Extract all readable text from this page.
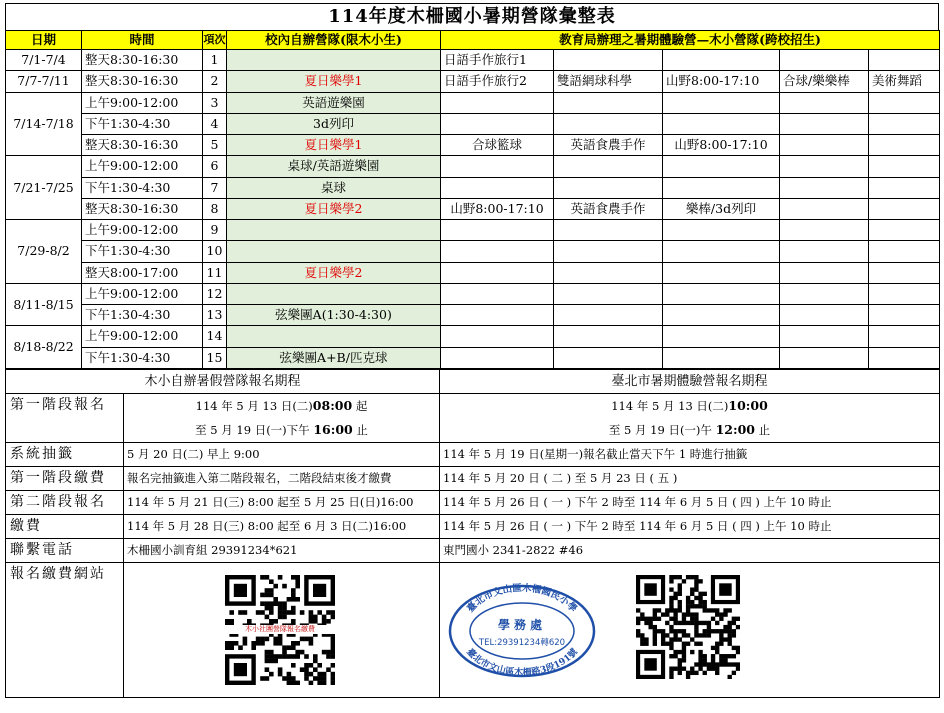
114年度木柵國小暑期營隊彙整表
日期	時間	項次	校內自辦營隊(限木小生)	教育局辦理之暑期體驗營—木小營隊(跨校招生)				
7/1-7/4	整天8:30-16:30	1		日語手作旅行1				
7/7-7/11	整天8:30-16:30	2	夏日樂學1	日語手作旅行2	雙語網球科學	山野8:00-17:10	合球/樂樂棒	美術舞蹈
7/14-7/18	上午9:00-12:00	3	英語遊樂園					
	下午1:30-4:30	4	3d列印					
	整天8:30-16:30	5	夏日樂學1	合球籃球	英語食農手作	山野8:00-17:10		
7/21-7/25	上午9:00-12:00	6	桌球/英語遊樂園					
	下午1:30-4:30	7	桌球					
	整天8:30-16:30	8	夏日樂學2	山野8:00-17:10	英語食農手作	樂棒/3d列印		
7/29-8/2	上午9:00-12:00	9						
	下午1:30-4:30	10						
	整天8:00-17:00	11	夏日樂學2					
8/11-8/15	上午9:00-12:00	12						
	下午1:30-4:30	13	弦樂團A(1:30-4:30)					
8/18-8/22	上午9:00-12:00	14						
	下午1:30-4:30	15	弦樂團A+B/匹克球					
木小自辦暑假營隊報名期程		臺北市暑期體驗營報名期程
第一階段報名	114 年 5 月 13 日(二)08:00 起	114 年 5 月 13 日(二)10:00
	至 5 月 19 日(一)下午 16:00 止	至 5 月 19 日(一)午 12:00 止
系統抽籤	5 月 20 日(二) 早上 9:00	114 年 5 月 19 日(星期一)報名截止當天下午 1 時進行抽籤
第一階段繳費	報名完抽籤進入第二階段報名，二階段結束後才繳費	114 年 5 月 20 日 ( 二 ) 至 5 月 23 日 ( 五 )
第二階段報名	114 年 5 月 21 日(三) 8:00 起至 5 月 25 日(日)16:00	114 年 5 月 26 日 ( 一 ) 下午 2 時至 114 年 6 月 5 日 ( 四 ) 上午 10 時止
繳費	114 年 5 月 28 日(三) 8:00 起至 6 月 3 日(二)16:00	114 年 5 月 26 日 ( 一 ) 下午 2 時至 114 年 6 月 5 日 ( 四 ) 上午 10 時止
聯繫電話	木柵國小訓育組 29391234*621	東門國小 2341-2822 #46
報名繳費網站	木小社團營隊報名繳費	臺北市文山區木柵國民小學
臺北市文山區木柵路3段191號
學務處
TEL:29391234轉620
